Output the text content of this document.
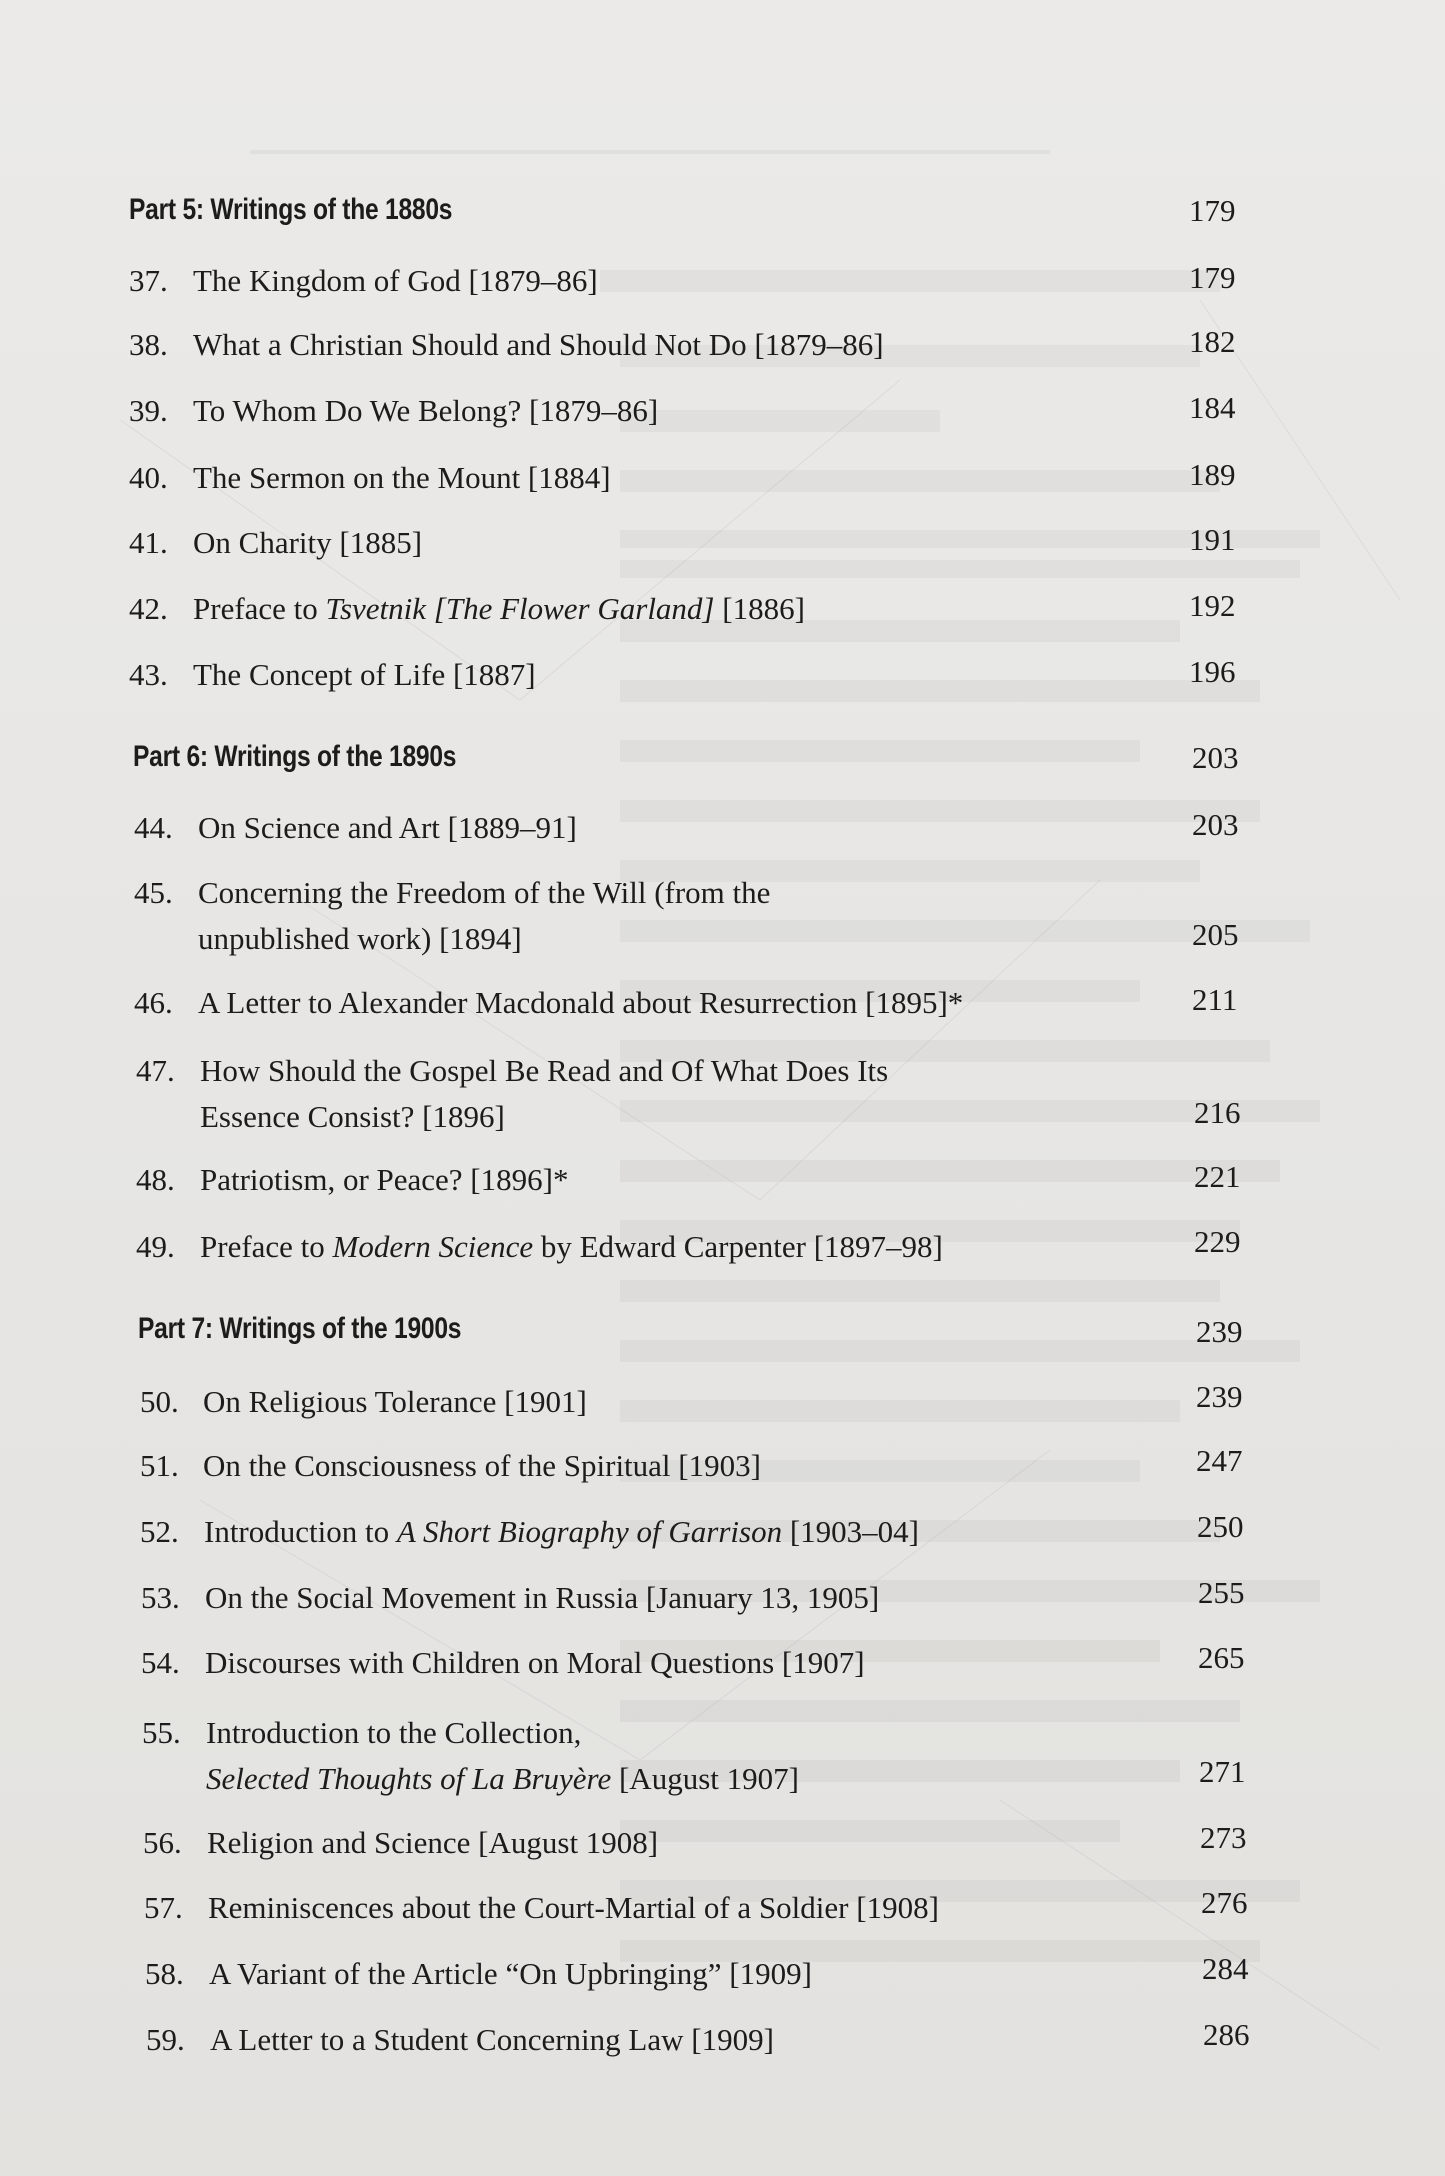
Part 5: Writings of the 1880s	179
37. The Kingdom of God [1879–86]	179
38. What a Christian Should and Should Not Do [1879–86]	182
39. To Whom Do We Belong? [1879–86]	184
40. The Sermon on the Mount [1884]	189
41. On Charity [1885]	191
42. Preface to Tsvetnik [The Flower Garland] [1886]	192
43. The Concept of Life [1887]	196
Part 6: Writings of the 1890s	203
44. On Science and Art [1889–91]	203
45. Concerning the Freedom of the Will (from the
unpublished work) [1894]	205
46. A Letter to Alexander Macdonald about Resurrection [1895]*	211
47. How Should the Gospel Be Read and Of What Does Its
Essence Consist? [1896]	216
48. Patriotism, or Peace? [1896]*	221
49. Preface to Modern Science by Edward Carpenter [1897–98]	229
Part 7: Writings of the 1900s	239
50. On Religious Tolerance [1901]	239
51. On the Consciousness of the Spiritual [1903]	247
52. Introduction to A Short Biography of Garrison [1903–04]	250
53. On the Social Movement in Russia [January 13, 1905]	255
54. Discourses with Children on Moral Questions [1907]	265
55. Introduction to the Collection,
Selected Thoughts of La Bruyère [August 1907]	271
56. Religion and Science [August 1908]	273
57. Reminiscences about the Court-Martial of a Soldier [1908]	276
58. A Variant of the Article “On Upbringing” [1909]	284
59. A Letter to a Student Concerning Law [1909]	286
